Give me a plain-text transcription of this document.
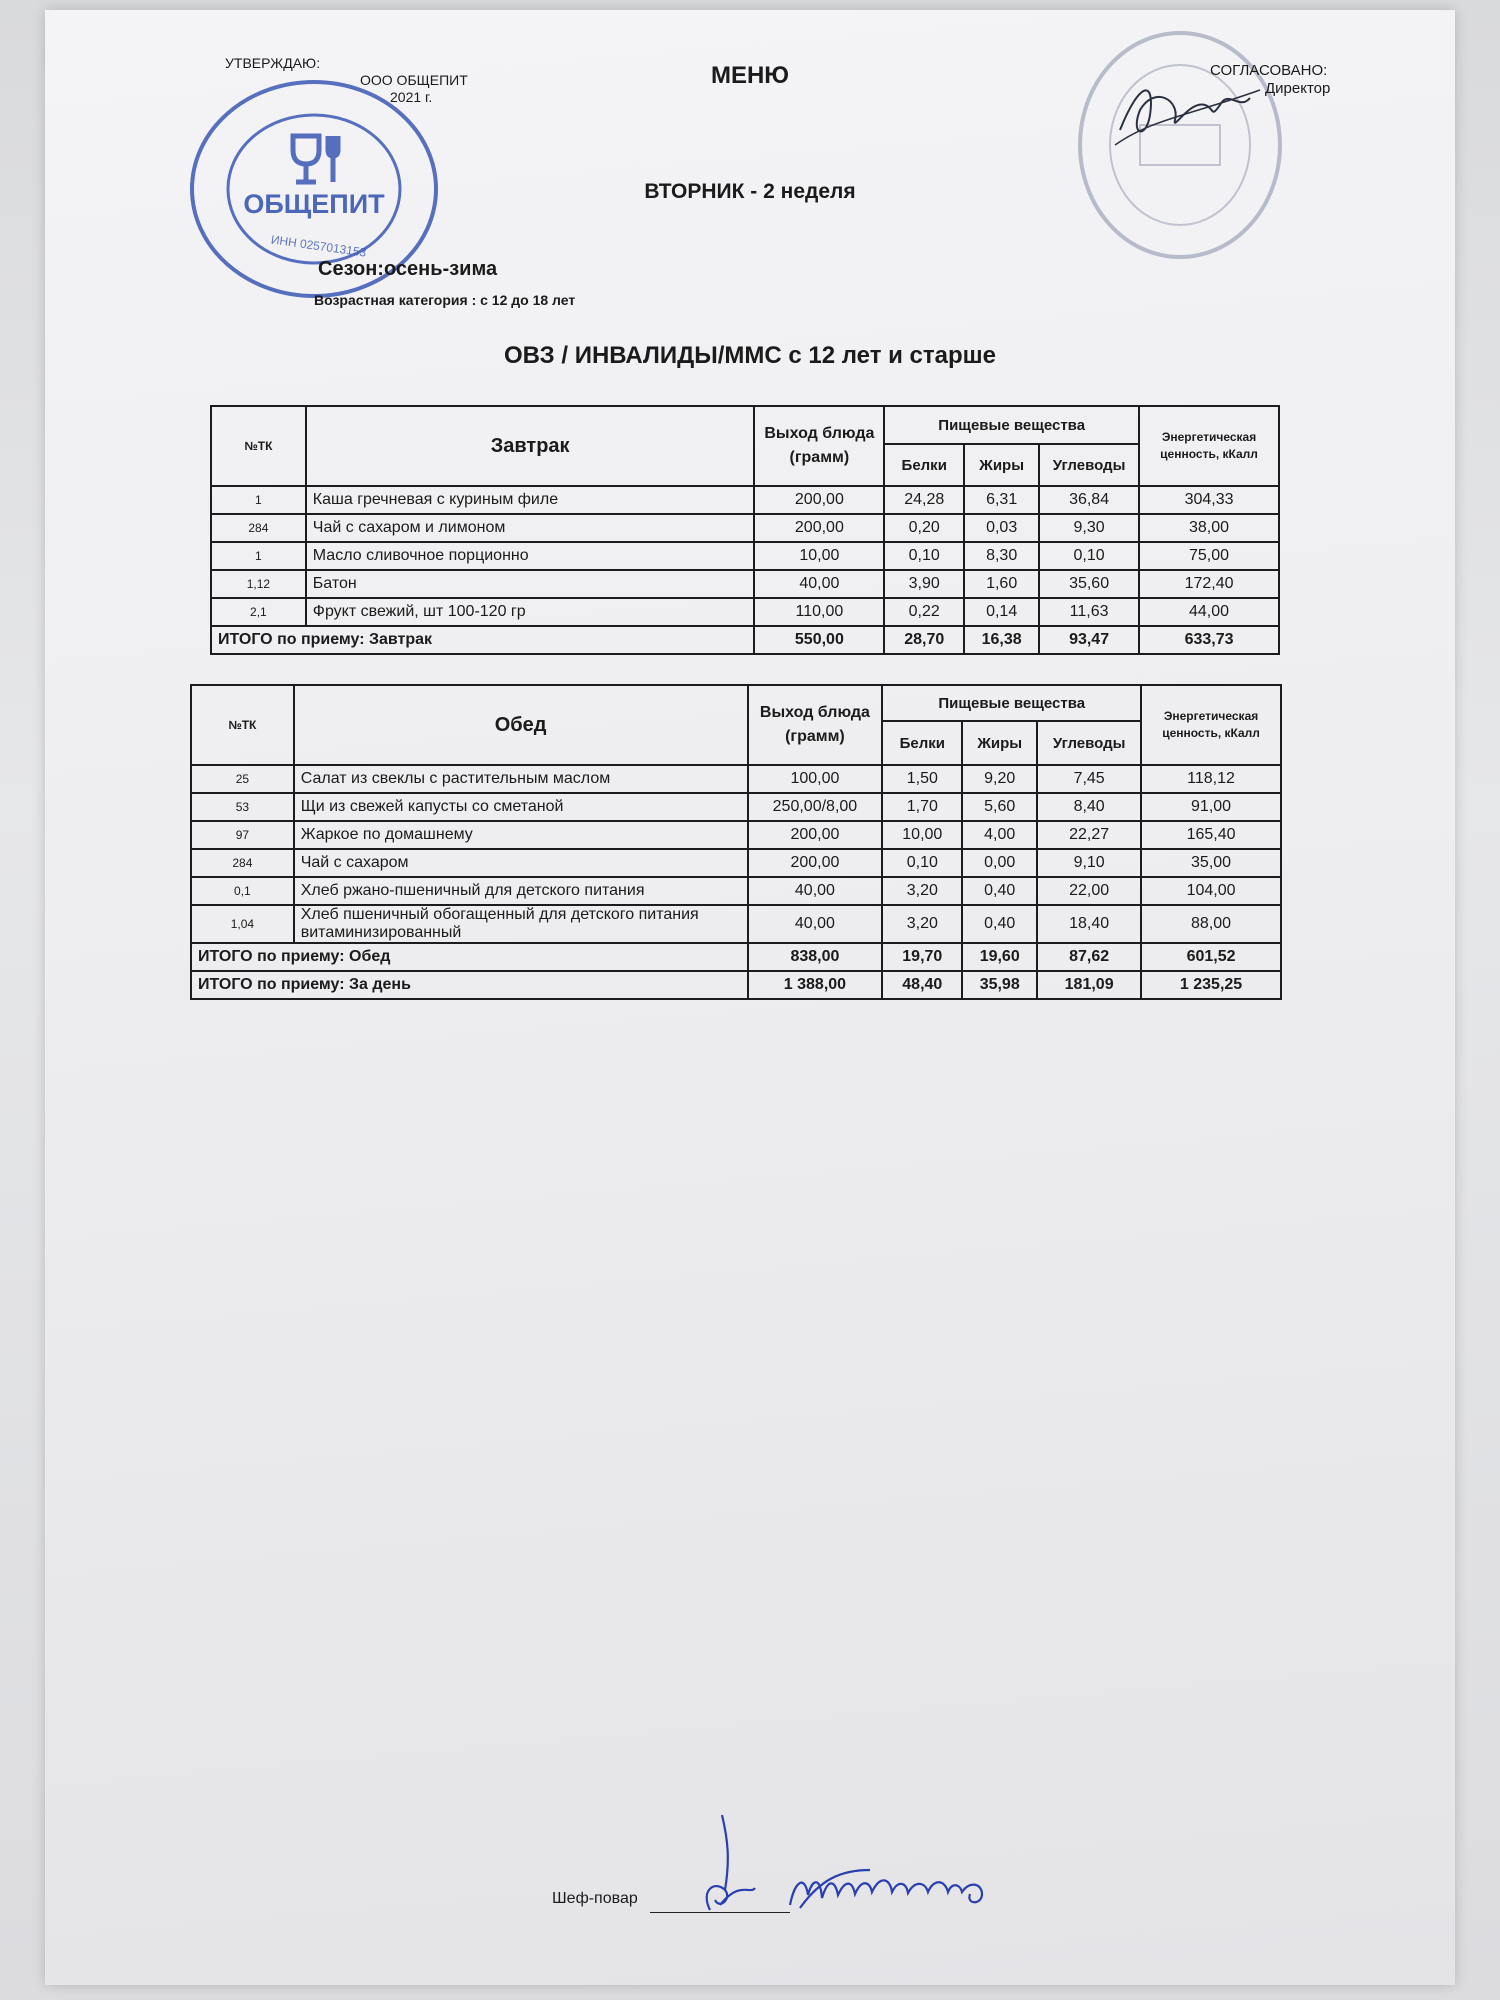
ОБЩЕПИТ
ИНН 0257013153
УТВЕРЖДАЮ:
ООО ОБЩЕПИТ
2021 г.
СОГЛАСОВАНО:
Директор
МЕНЮ
ВТОРНИК - 2 неделя
Сезон:осень-зима
Возрастная категория : с 12 до 18 лет
ОВЗ / ИНВАЛИДЫ/ММС с 12 лет и старше
№ТК	Завтрак	Выход блюда (грамм)	Пищевые вещества			Энергетическая ценность, кКалл
			Белки	Жиры	Углеводы	
1	Каша гречневая с куриным филе	200,00	24,28	6,31	36,84	304,33
284	Чай с сахаром и лимоном	200,00	0,20	0,03	9,30	38,00
1	Масло сливочное порционно	10,00	0,10	8,30	0,10	75,00
1,12	Батон	40,00	3,90	1,60	35,60	172,40
2,1	Фрукт свежий, шт 100-120 гр	110,00	0,22	0,14	11,63	44,00
ИТОГО по приему: Завтрак		550,00	28,70	16,38	93,47	633,73
№ТК	Обед	Выход блюда (грамм)	Пищевые вещества			Энергетическая ценность, кКалл
			Белки	Жиры	Углеводы	
25	Салат из свеклы с растительным маслом	100,00	1,50	9,20	7,45	118,12
53	Щи из свежей капусты со сметаной	250,00/8,00	1,70	5,60	8,40	91,00
97	Жаркое по домашнему	200,00	10,00	4,00	22,27	165,40
284	Чай с сахаром	200,00	0,10	0,00	9,10	35,00
0,1	Хлеб ржано-пшеничный для детского питания	40,00	3,20	0,40	22,00	104,00
1,04	Хлеб пшеничный обогащенный для детского питания витаминизированный	40,00	3,20	0,40	18,40	88,00
ИТОГО по приему: Обед		838,00	19,70	19,60	87,62	601,52
ИТОГО по приему: За день		1 388,00	48,40	35,98	181,09	1 235,25
Шеф-повар
